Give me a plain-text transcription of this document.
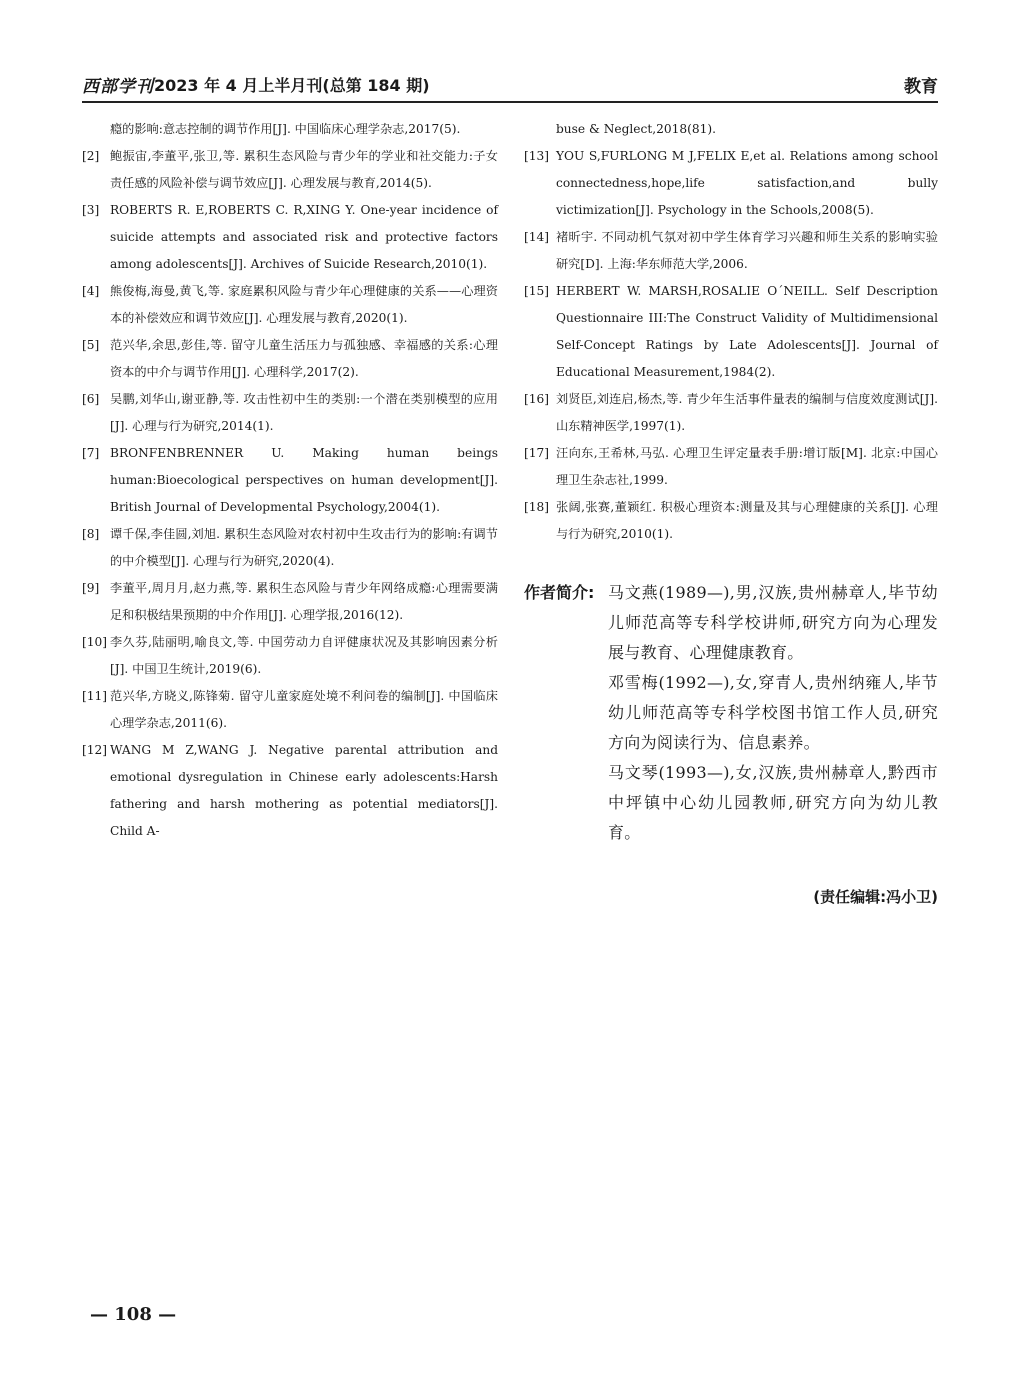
西部学刊 2023 年 4 月上半月刊(总第 184 期)	教育

瘾的影响:意志控制的调节作用[J]. 中国临床心理学杂志,2017(5).

[2] 鲍振宙,李董平,张卫,等. 累积生态风险与青少年的学业和社交能力:子女责任感的风险补偿与调节效应[J]. 心理发展与教育,2014(5).

[3] ROBERTS R. E,ROBERTS C. R,XING Y. One-year incidence of suicide attempts and associated risk and protective factors among adolescents[J]. Archives of Suicide Research,2010(1).

[4] 熊俊梅,海曼,黄飞,等. 家庭累积风险与青少年心理健康的关系——心理资本的补偿效应和调节效应[J]. 心理发展与教育,2020(1).

[5] 范兴华,余思,彭佳,等. 留守儿童生活压力与孤独感、幸福感的关系:心理资本的中介与调节作用[J]. 心理科学,2017(2).

[6] 吴鹏,刘华山,谢亚静,等. 攻击性初中生的类别:一个潜在类别模型的应用[J]. 心理与行为研究,2014(1).

[7] BRONFENBRENNER U. Making human beings human:Bioecological perspectives on human development[J]. British Journal of Developmental Psychology,2004(1).

[8] 谭千保,李佳圆,刘旭. 累积生态风险对农村初中生攻击行为的影响:有调节的中介模型[J]. 心理与行为研究,2020(4).

[9] 李董平,周月月,赵力燕,等. 累积生态风险与青少年网络成瘾:心理需要满足和积极结果预期的中介作用[J]. 心理学报,2016(12).

[10] 李久芬,陆丽明,喻良文,等. 中国劳动力自评健康状况及其影响因素分析[J]. 中国卫生统计,2019(6).

[11] 范兴华,方晓义,陈锋菊. 留守儿童家庭处境不利问卷的编制[J]. 中国临床心理学杂志,2011(6).

[12] WANG M Z,WANG J. Negative parental attribution and emotional dysregulation in Chinese early adolescents:Harsh fathering and harsh mothering as potential mediators[J]. Child A-

buse & Neglect,2018(81).

[13] YOU S,FURLONG M J,FELIX E,et al. Relations among school connectedness,hope,life satisfaction,and bully victimization[J]. Psychology in the Schools,2008(5).

[14] 褚昕宇. 不同动机气氛对初中学生体育学习兴趣和师生关系的影响实验研究[D]. 上海:华东师范大学,2006.

[15] HERBERT W. MARSH,ROSALIE O´NEILL. Self Description Questionnaire III:The Construct Validity of Multidimensional Self-Concept Ratings by Late Adolescents[J]. Journal of Educational Measurement,1984(2).

[16] 刘贤臣,刘连启,杨杰,等. 青少年生活事件量表的编制与信度效度测试[J]. 山东精神医学,1997(1).

[17] 汪向东,王希林,马弘. 心理卫生评定量表手册:增订版[M]. 北京:中国心理卫生杂志社,1999.

[18] 张阔,张赛,董颖红. 积极心理资本:测量及其与心理健康的关系[J]. 心理与行为研究,2010(1).

作者简介: 马文燕(1989—),男,汉族,贵州赫章人,毕节幼儿师范高等专科学校讲师,研究方向为心理发展与教育、心理健康教育。

邓雪梅(1992—),女,穿青人,贵州纳雍人,毕节幼儿师范高等专科学校图书馆工作人员,研究方向为阅读行为、信息素养。

马文琴(1993—),女,汉族,贵州赫章人,黔西市中坪镇中心幼儿园教师,研究方向为幼儿教育。

(责任编辑:冯小卫)
— 108 —
